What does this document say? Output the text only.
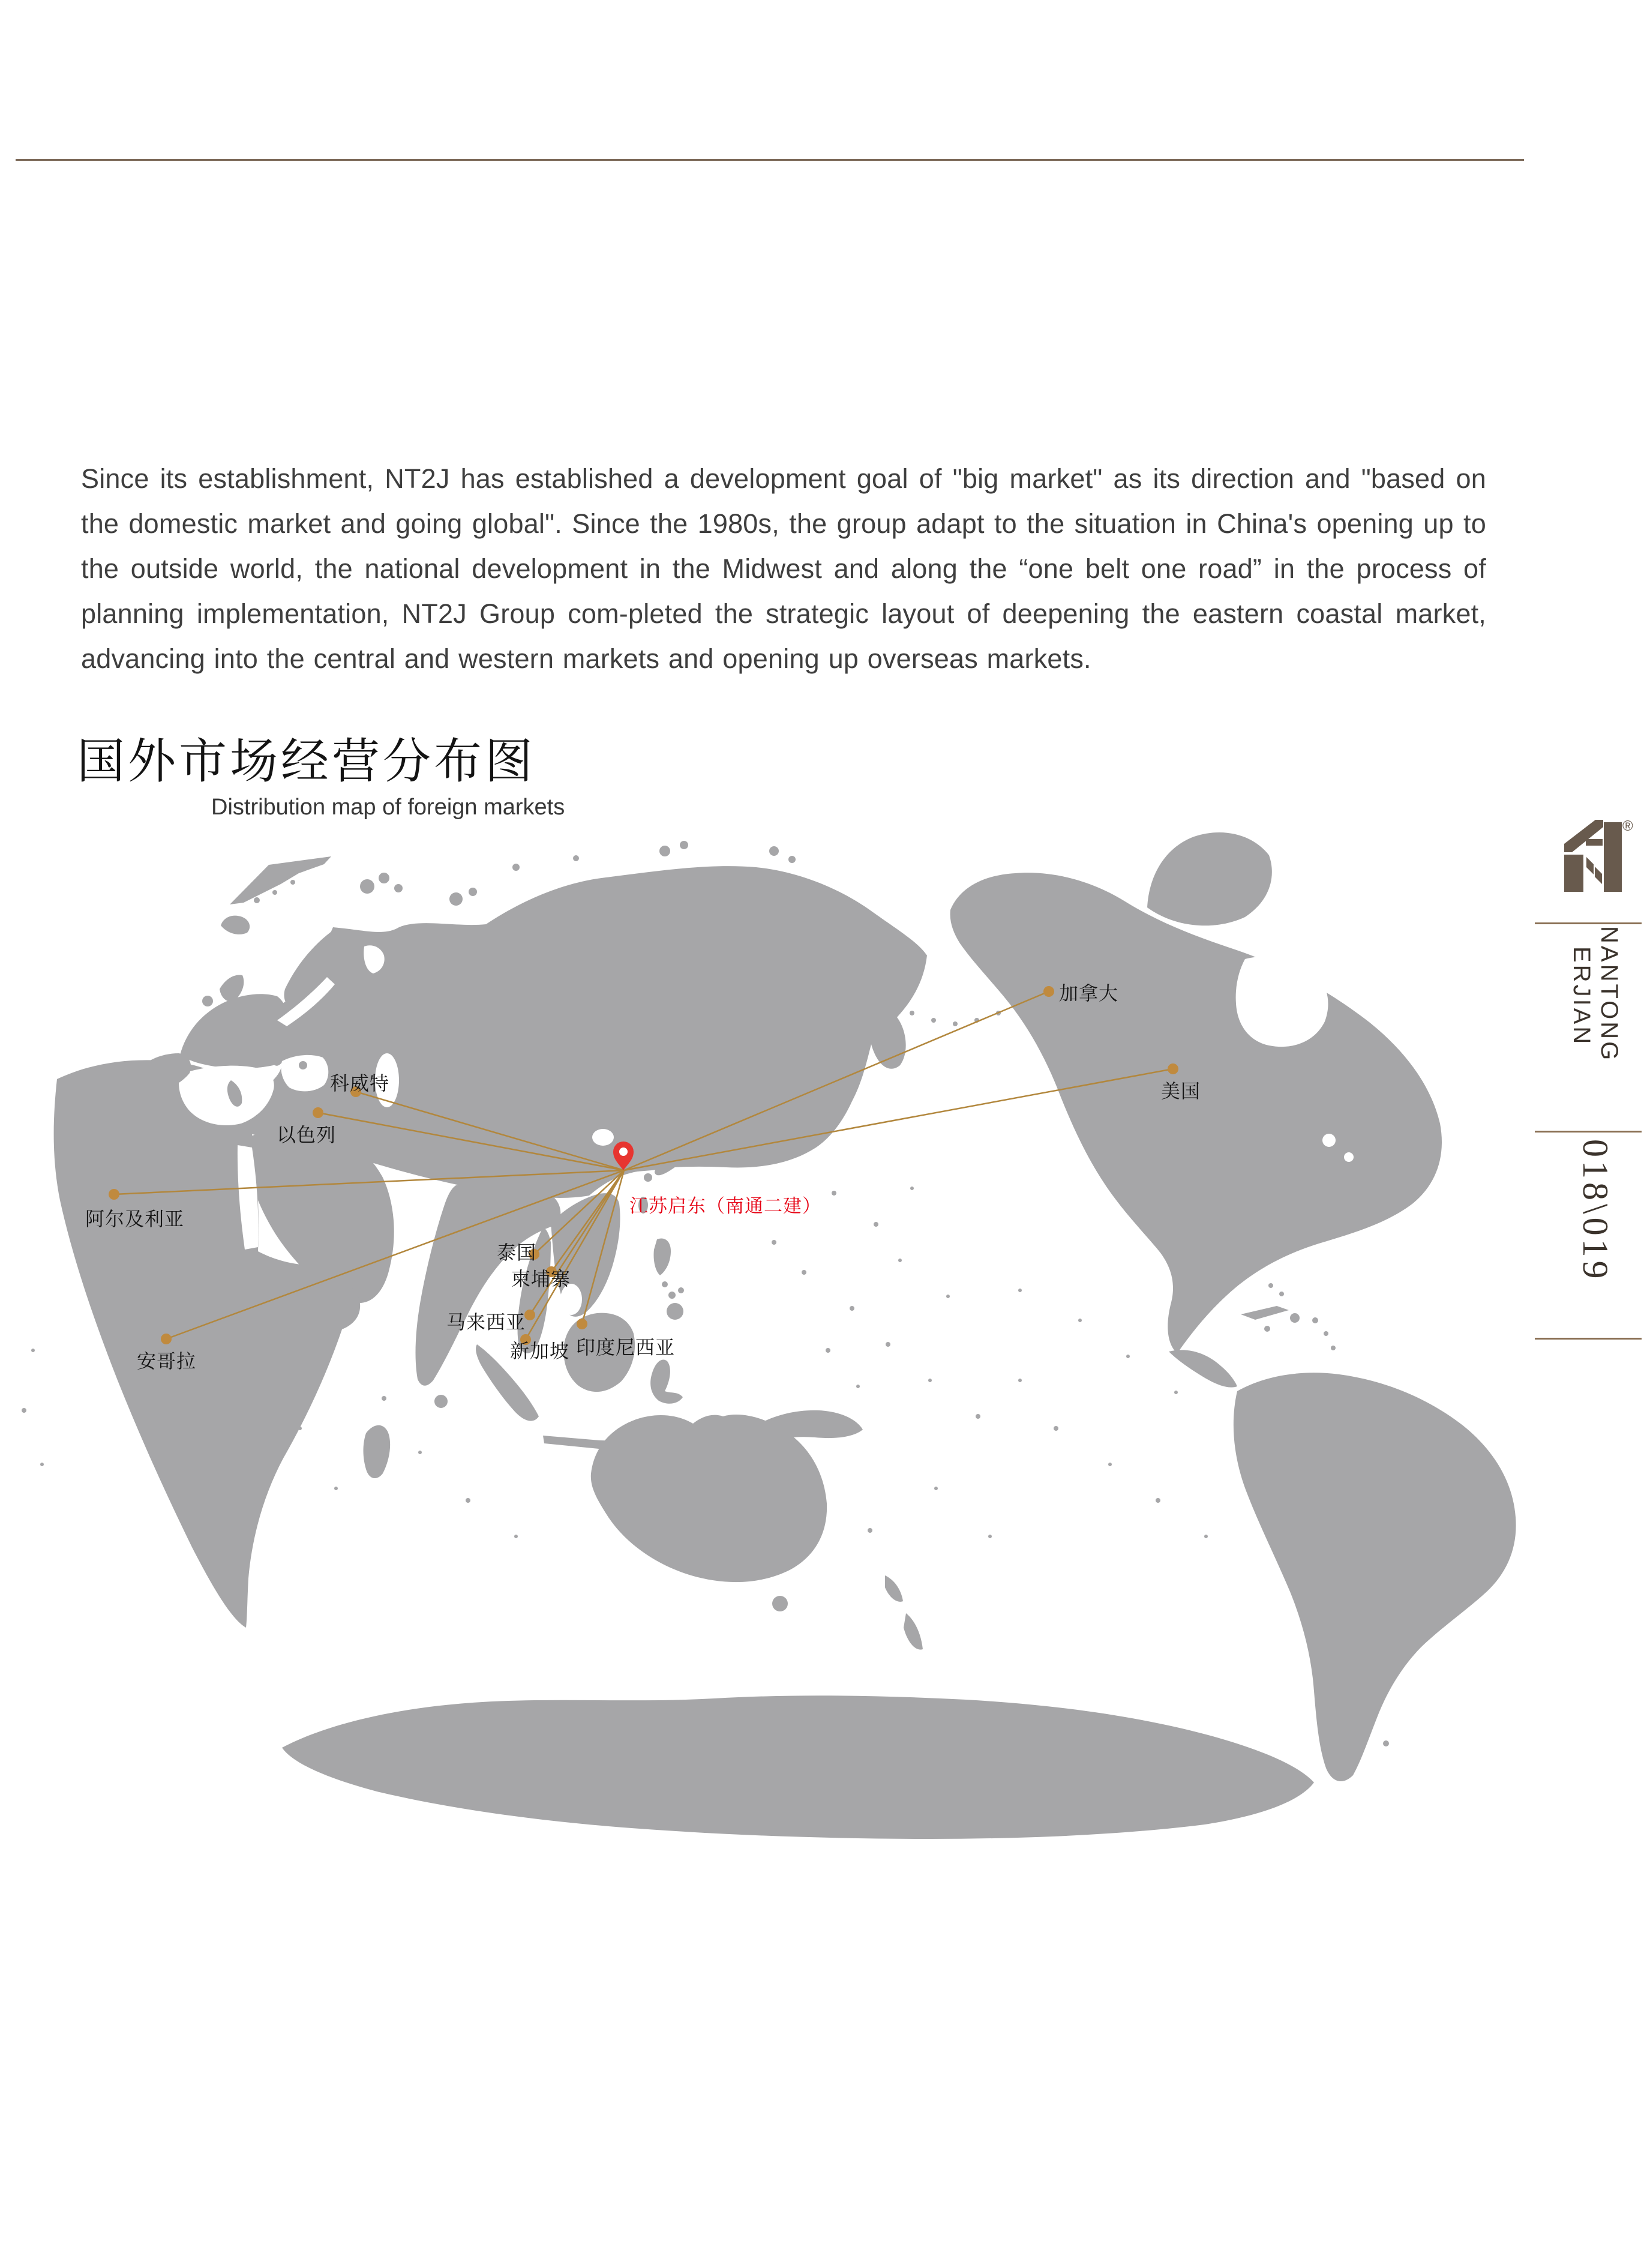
Since its establishment, NT2J has established a development goal of "big market" as its direction and "based on the domestic market and going global". Since the 1980s, the group adapt to the situation in China's opening up to the outside world, the national development in the Midwest and along the “one belt one road” in the process of planning implementation, NT2J Group com-pleted the strategic layout of deepening the eastern coastal market, advancing into the central and western markets and opening up overseas markets.

国外市场经营分布图
Distribution map of foreign markets
加拿大
美国
科威特
以色列
阿尔及利亚
安哥拉
泰国
柬埔寨
马来西亚
新加坡 印度尼西亚
江苏启东（南通二建）
®
NANTONG
ERJIAN
018\019
